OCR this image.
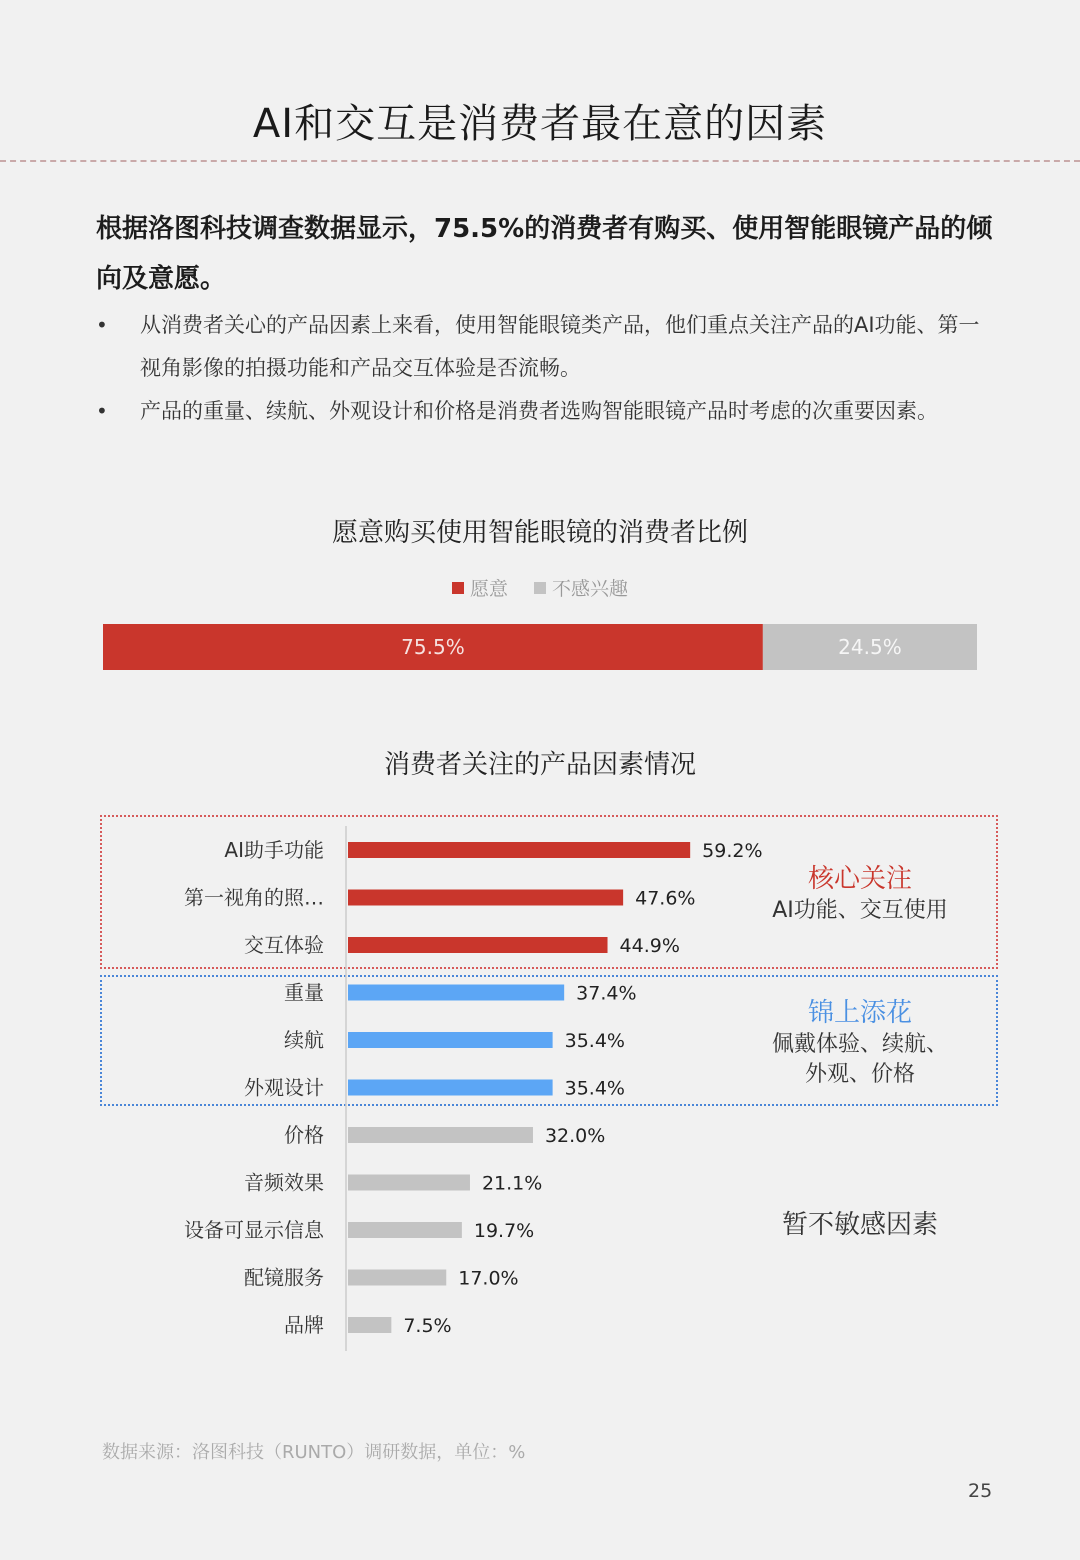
AI和交互是消费者最在意的因素
根据洛图科技调查数据显示，75.5%的消费者有购买、使用智能眼镜产品的倾向及意愿。
• 从消费者关心的产品因素上来看，使用智能眼镜类产品，他们重点关注产品的AI功能、第一视角影像的拍摄功能和产品交互体验是否流畅。
• 产品的重量、续航、外观设计和价格是消费者选购智能眼镜产品时考虑的次重要因素。
愿意购买使用智能眼镜的消费者比例
愿意 不感兴趣
75.5%	24.5%
消费者关注的产品因素情况
AI助手功能	59.2%
第一视角的照…	47.6%
交互体验	44.9%
重量	37.4%
续航	35.4%
外观设计	35.4%
价格	32.0%
音频效果	21.1%
设备可显示信息	19.7%
配镜服务	17.0%
品牌	7.5%
核心关注
AI功能、交互使用
锦上添花
佩戴体验、续航、
外观、价格
暂不敏感因素
数据来源：洛图科技（RUNTO）调研数据，单位：%
25
